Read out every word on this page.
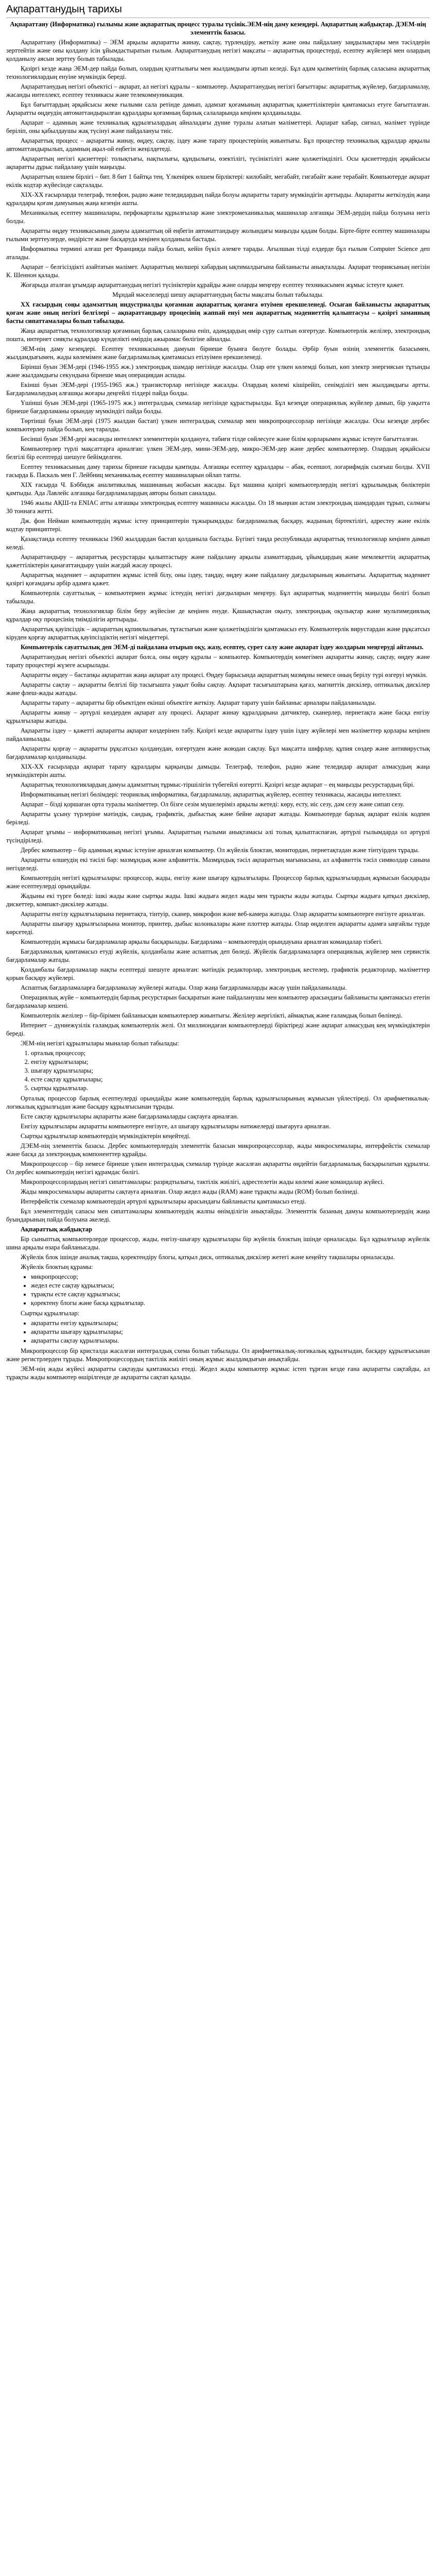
Ақпараттанудың тарихы

Ақпараттану (Информатика) ғылымы және ақпараттық процесс туралы түсінік.ЭЕМ-нің даму кезеңдері. Ақпараттың жабдықтар. ДЭЕМ-нің элементтік базасы.

Ақпараттану (Информатика) – ЭЕМ арқылы ақпаратты жинау, сақтау, түрлендіру, жеткізу және оны пайдалану заңдылықтары мен тәсілдерін зерттейтін және оны қолдану ісін ұйымдастыратын ғылым. Ақпараттанудың негізгі мақсаты – ақпараттық процестерді, есептеу жүйелері мен олардың қолданылу аясын зерттеу болып табылады.

Қазіргі кезде жаңа ЭЕМ-дер пайда болып, олардың қуаттылығы мен жылдамдығы артып келеді. Бұл адам қызметінің барлық саласына ақпараттық технологиялардың енуіне мүмкіндік береді.

Ақпараттанудың негізгі объектісі – ақпарат, ал негізгі құралы – компьютер. Ақпараттанудың негізгі бағыттары: ақпараттық жүйелер, бағдарламалау, жасанды интеллект, есептеу техникасы және телекоммуникация.

Бұл бағыттардың әрқайсысы жеке ғылыми сала ретінде дамып, адамзат қоғамының ақпараттық қажеттіліктерін қамтамасыз етуге бағытталған. Ақпаратты өңдеудің автоматтандырылған құралдары қоғамның барлық салаларында кеңінен қолданылады.

Ақпарат – адамның және техникалық құрылғылардың айналадағы дүние туралы алатын мәліметтері. Ақпарат хабар, сигнал, мәлімет түрінде беріліп, оны қабылдаушы жақ түсінуі және пайдалануы тиіс.

Ақпараттық процесс – ақпаратты жинау, өңдеу, сақтау, іздеу және тарату процестерінің жиынтығы. Бұл процестер техникалық құралдар арқылы автоматтандырылып, адамның ақыл-ой еңбегін жеңілдетеді.

Ақпараттың негізгі қасиеттері: толықтығы, нақтылығы, құндылығы, өзектілігі, түсініктілігі және қолжетімділігі. Осы қасиеттердің әрқайсысы ақпаратты дұрыс пайдалану үшін маңызды.

Ақпараттың өлшем бірлігі – бит. 8 бит 1 байтқа тең. Үлкенірек өлшем бірліктері: килобайт, мегабайт, гигабайт және терабайт. Компьютерде ақпарат екілік кодтар жүйесінде сақталады.

ХІХ-ХХ ғасырларда телеграф, телефон, радио және теледидардың пайда болуы ақпаратты тарату мүмкіндігін арттырды. Ақпаратты жеткізудің жаңа құралдары қоғам дамуының жаңа кезеңін ашты.

Механикалық есептеу машиналары, перфокарталы құрылғылар және электромеханикалық машиналар алғашқы ЭЕМ-дердің пайда болуына негіз болды.

Ақпаратты өңдеу техникасының дамуы адамзаттың ой еңбегін автоматтандыру жолындағы маңызды қадам болды. Бірте-бірте есептеу машиналары ғылыми зерттеулерде, өндірісте және басқаруда кеңінен қолданыла бастады.

Информатика термині алғаш рет Францияда пайда болып, кейін бүкіл әлемге тарады. Ағылшын тілді елдерде бұл ғылым Computer Science деп аталады.

Ақпарат – белгісіздікті азайтатын мәлімет. Ақпараттың мөлшері хабардың ықтималдығына байланысты анықталады. Ақпарат теориясының негізін К. Шеннон қалады.

Жоғарыда аталған ұғымдар ақпараттанудың негізгі түсініктерін құрайды және оларды меңгеру есептеу техникасымен жұмыс істеуге қажет.

Мұндай мәселелерді шешу ақпараттанудың басты мақсаты болып табылады.

ХХ ғасырдың соңы адамзаттың индустриалды қоғамнан ақпараттық қоғамға өтуімен ерекшеленеді. Осыған байланысты ақпараттық қоғам және оның негізгі белгілері – ақпараттандыру процесінің жаппай енуі мен ақпараттық мәдениеттің қалыптасуы – қазіргі заманның басты сипаттамалары болып табылады.

Жаңа ақпараттық технологиялар қоғамның барлық салаларына еніп, адамдардың өмір сүру салтын өзгертуде. Компьютерлік желілер, электрондық пошта, интернет сияқты құралдар күнделікті өмірдің ажырамас бөлігіне айналды.

ЭЕМ-нің даму кезеңдері. Есептеу техникасының дамуын бірнеше буынға бөлуге болады. Әрбір буын өзінің элементтік базасымен, жылдамдығымен, жады көлемімен және бағдарламалық қамтамасыз етілуімен ерекшеленеді.

Бірінші буын ЭЕМ-дері (1946-1955 жж.) электрондық шамдар негізінде жасалды. Олар өте үлкен көлемді болып, көп электр энергиясын тұтынды және жылдамдығы секундына бірнеше мың операциядан аспады.

Екінші буын ЭЕМ-дері (1955-1965 жж.) транзисторлар негізінде жасалды. Олардың көлемі кішірейіп, сенімділігі мен жылдамдығы артты. Бағдарламалаудың алғашқы жоғары деңгейлі тілдері пайда болды.

Үшінші буын ЭЕМ-дері (1965-1975 жж.) интегралдық схемалар негізінде құрастырылды. Бұл кезеңде операциялық жүйелер дамып, бір уақытта бірнеше бағдарламаны орындау мүмкіндігі пайда болды.

Төртінші буын ЭЕМ-дері (1975 жылдан бастап) үлкен интегралдық схемалар мен микропроцессорлар негізінде жасалды. Осы кезеңде дербес компьютерлер пайда болып, кең таралды.

Бесінші буын ЭЕМ-дері жасанды интеллект элементтерін қолдануға, табиғи тілде сөйлесуге және білім қорларымен жұмыс істеуге бағытталған.

Компьютерлер түрлі мақсаттарға арналған: үлкен ЭЕМ-дер, мини-ЭЕМ-дер, микро-ЭЕМ-дер және дербес компьютерлер. Олардың әрқайсысы белгілі бір есептерді шешуге бейімделген.

Есептеу техникасының даму тарихы бірнеше ғасырды қамтиды. Алғашқы есептеу құралдары – абак, есепшот, логарифмдік сызғыш болды. XVII ғасырда Б. Паскаль мен Г. Лейбниц механикалық есептеу машиналарын ойлап тапты.

XIX ғасырда Ч. Бэббидж аналитикалық машинаның жобасын жасады. Бұл машина қазіргі компьютерлердің негізгі құрылымдық бөліктерін қамтыды. Ада Лавлейс алғашқы бағдарламалардың авторы болып саналады.

1946 жылы АҚШ-та ENIAC атты алғашқы электрондық есептеу машинасы жасалды. Ол 18 мыңнан астам электрондық шамдардан тұрып, салмағы 30 тоннаға жетті.

Дж. фон Нейман компьютердің жұмыс істеу принциптерін тұжырымдады: бағдарламалық басқару, жадының біртектілігі, адрестеу және екілік кодтау принциптері.

Қазақстанда есептеу техникасы 1960 жылдардан бастап қолданыла бастады. Бүгінгі таңда республикада ақпараттық технологиялар кеңінен дамып келеді.

Ақпараттандыру – ақпараттық ресурстарды қалыптастыру және пайдалану арқылы азаматтардың, ұйымдардың және мемлекеттің ақпараттық қажеттіліктерін қанағаттандыру үшін жағдай жасау процесі.

Ақпараттық мәдениет – ақпаратпен жұмыс істей білу, оны іздеу, таңдау, өңдеу және пайдалану дағдыларының жиынтығы. Ақпараттық мәдениет қазіргі қоғамдағы әрбір адамға қажет.

Компьютерлік сауаттылық – компьютермен жұмыс істеудің негізгі дағдыларын меңгеру. Бұл ақпараттық мәдениеттің маңызды бөлігі болып табылады.

Жаңа ақпараттық технологиялар білім беру жүйесіне де кеңінен енуде. Қашықтықтан оқыту, электрондық оқулықтар және мультимедиялық құралдар оқу процесінің тиімділігін арттырады.

Ақпараттық қауіпсіздік – ақпараттың құпиялылығын, тұтастығын және қолжетімділігін қамтамасыз ету. Компьютерлік вирустардан және рұқсатсыз кіруден қорғау ақпараттық қауіпсіздіктің негізгі міндеттері.

Компьютерлік сауаттылық деп ЭЕМ-ді пайдалана отырып оқу, жазу, есептеу, сурет салу және ақпарат іздеу жолдарын меңгеруді айтамыз.

Ақпараттанудың негізгі объектісі ақпарат болса, оны өңдеу құралы – компьютер. Компьютердің көмегімен ақпаратты жинау, сақтау, өңдеу және тарату процестері жүзеге асырылады.

Ақпаратты өңдеу – бастапқы ақпараттан жаңа ақпарат алу процесі. Өңдеу барысында ақпараттың мазмұны немесе оның берілу түрі өзгеруі мүмкін.

Ақпаратты сақтау – ақпаратты белгілі бір тасығышта уақыт бойы сақтау. Ақпарат тасығыштарына қағаз, магниттік дискілер, оптикалық дискілер және флеш-жады жатады.

Ақпаратты тарату – ақпаратты бір объектіден екінші объектіге жеткізу. Ақпарат тарату үшін байланыс арналары пайдаланылады.

Ақпаратты жинау – әртүрлі көздерден ақпарат алу процесі. Ақпарат жинау құралдарына датчиктер, сканерлер, пернетақта және басқа енгізу құрылғылары жатады.

Ақпаратты іздеу – қажетті ақпаратты ақпарат көздерінен табу. Қазіргі кезде ақпаратты іздеу үшін іздеу жүйелері мен мәліметтер қорлары кеңінен пайдаланылады.

Ақпаратты қорғау – ақпаратты рұқсатсыз қолданудан, өзгертуден және жоюдан сақтау. Бұл мақсатта шифрлау, құпия сөздер және антивирустық бағдарламалар қолданылады.

ХІХ-ХХ ғасырларда ақпарат тарату құралдары қарқынды дамыды. Телеграф, телефон, радио және теледидар ақпарат алмасудың жаңа мүмкіндіктерін ашты.

Ақпараттық технологиялардың дамуы адамзаттың тұрмыс-тіршілігін түбегейлі өзгертті. Қазіргі кезде ақпарат – ең маңызды ресурстардың бірі.

Информатиканың негізгі бөлімдері: теориялық информатика, бағдарламалау, ақпараттық жүйелер, есептеу техникасы, жасанды интеллект.

Ақпарат – бізді қоршаған орта туралы мәліметтер. Ол бізге сезім мүшелеріміз арқылы жетеді: көру, есту, иіс сезу, дәм сезу және сипап сезу.

Ақпаратты ұсыну түрлеріне мәтіндік, сандық, графиктік, дыбыстық және бейне ақпарат жатады. Компьютерде барлық ақпарат екілік кодпен беріледі.

Ақпарат ұғымы – информатиканың негізгі ұғымы. Ақпараттың ғылыми анықтамасы әлі толық қалыптаспаған, әртүрлі ғылымдарда ол әртүрлі түсіндіріледі.

Дербес компьютер – бір адамның жұмыс істеуіне арналған компьютер. Ол жүйелік блоктан, монитордан, пернетақтадан және тінтуірден тұрады.

Ақпаратты өлшеудің екі тәсілі бар: мазмұндық және алфавиттік. Мазмұндық тәсіл ақпараттың мағынасына, ал алфавиттік тәсіл символдар санына негізделеді.

Компьютердің негізгі құрылғылары: процессор, жады, енгізу және шығару құрылғылары. Процессор барлық құрылғылардың жұмысын басқарады және есептеулерді орындайды.

Жадыны екі түрге бөледі: ішкі жады және сыртқы жады. Ішкі жадыға жедел жады мен тұрақты жады жатады. Сыртқы жадыға қатқыл дискілер, дискеттер, компакт-дискілер жатады.

Ақпаратты енгізу құрылғыларына пернетақта, тінтуір, сканер, микрофон және веб-камера жатады. Олар ақпаратты компьютерге енгізуге арналған.

Ақпаратты шығару құрылғыларына монитор, принтер, дыбыс колонкалары және плоттер жатады. Олар өңделген ақпаратты адамға ыңғайлы түрде көрсетеді.

Компьютердің жұмысы бағдарламалар арқылы басқарылады. Бағдарлама – компьютердің орындауына арналған командалар тізбегі.

Бағдарламалық қамтамасыз етуді жүйелік, қолданбалы және аспаптық деп бөледі. Жүйелік бағдарламаларға операциялық жүйелер мен сервистік бағдарламалар жатады.

Қолданбалы бағдарламалар нақты есептерді шешуге арналған: мәтіндік редакторлар, электрондық кестелер, графиктік редакторлар, мәліметтер қорын басқару жүйелері.

Аспаптық бағдарламаларға бағдарламалау жүйелері жатады. Олар жаңа бағдарламаларды жасау үшін пайдаланылады.

Операциялық жүйе – компьютердің барлық ресурстарын басқаратын және пайдаланушы мен компьютер арасындағы байланысты қамтамасыз ететін бағдарламалар кешені.

Компьютерлік желілер – бір-бірімен байланысқан компьютерлер жиынтығы. Желілер жергілікті, аймақтық және ғаламдық болып бөлінеді.

Интернет – дүниежүзілік ғаламдық компьютерлік желі. Ол миллиондаған компьютерлерді біріктіреді және ақпарат алмасудың кең мүмкіндіктерін береді.

ЭЕМ-нің негізгі құрылғылары мыналар болып табылады:

1. орталық процессор;
2. енгізу құрылғылары;
3. шығару құрылғылары;
4. есте сақтау құрылғылары;
5. сыртқы құрылғылар.

Орталық процессор барлық есептеулерді орындайды және компьютердің барлық құрылғыларының жұмысын үйлестіреді. Ол арифметикалық-логикалық құрылғыдан және басқару құрылғысынан тұрады.

Есте сақтау құрылғылары ақпаратты және бағдарламаларды сақтауға арналған.

Енгізу құрылғылары ақпаратты компьютерге енгізуге, ал шығару құрылғылары нәтижелерді шығаруға арналған.

Сыртқы құрылғылар компьютердің мүмкіндіктерін кеңейтеді.

ДЭЕМ-нің элементтік базасы. Дербес компьютерлердің элементтік базасын микропроцессорлар, жады микросхемалары, интерфейстік схемалар және басқа да электрондық компоненттер құрайды.

Микропроцессор – бір немесе бірнеше үлкен интегралдық схемалар түрінде жасалған ақпаратты өңдейтін бағдарламалық басқарылатын құрылғы. Ол дербес компьютердің негізгі құрамдас бөлігі.

Микропроцессорлардың негізгі сипаттамалары: разрядтылығы, тактілік жиілігі, адрестелетін жады көлемі және командалар жүйесі.

Жады микросхемалары ақпаратты сақтауға арналған. Олар жедел жады (RAM) және тұрақты жады (ROM) болып бөлінеді.

Интерфейстік схемалар компьютердің әртүрлі құрылғылары арасындағы байланысты қамтамасыз етеді.

Бұл элементтердің сапасы мен сипаттамалары компьютердің жалпы өнімділігін анықтайды. Элементтік базаның дамуы компьютерлердің жаңа буындарының пайда болуына әкеледі.

Ақпараттық жабдықтар

Бір сыныптық компьютерлерде процессор, жады, енгізу-шығару құрылғылары бір жүйелік блоктың ішінде орналасады. Бұл құрылғылар жүйелік шина арқылы өзара байланысады.

Жүйелік блок ішінде аналық тақша, қоректендіру блогы, қатқыл диск, оптикалық дискілер жетегі және кеңейту тақшалары орналасады.

Жүйелік блоктың құрамы:

• микропроцессор;
• жедел есте сақтау құрылғысы;
• тұрақты есте сақтау құрылғысы;
• қоректену блогы және басқа құрылғылар.

Сыртқы құрылғылар:

• ақпаратты енгізу құрылғылары;
• ақпаратты шығару құрылғылары;
• ақпаратты сақтау құрылғылары.

Микропроцессор бір кристалда жасалған интегралдық схема болып табылады. Ол арифметикалық-логикалық құрылғыдан, басқару құрылғысынан және регистрлерден тұрады. Микропроцессордың тактілік жиілігі оның жұмыс жылдамдығын анықтайды.

ЭЕМ-нің жады жүйесі ақпаратты сақтауды қамтамасыз етеді. Жедел жады компьютер жұмыс істеп тұрған кезде ғана ақпаратты сақтайды, ал тұрақты жады компьютер өшірілгенде де ақпаратты сақтап қалады.
